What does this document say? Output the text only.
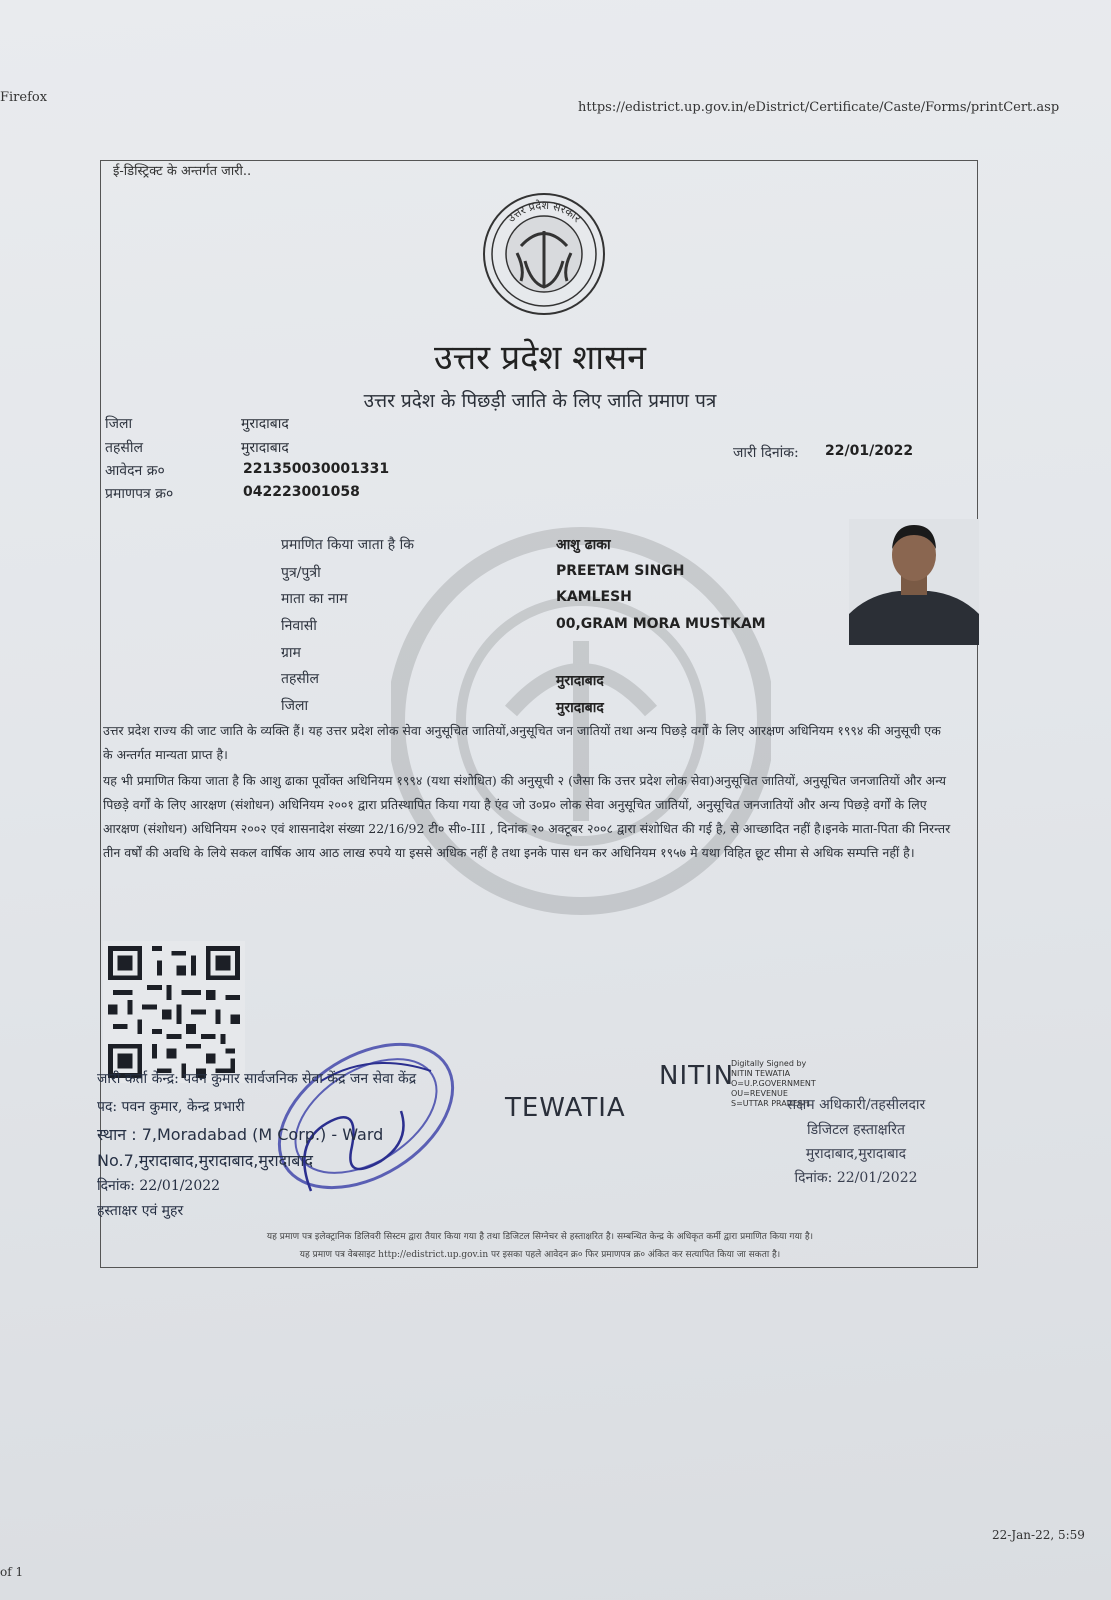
Firefox
https://edistrict.up.gov.in/eDistrict/Certificate/Caste/Forms/printCert.asp
ई-डिस्ट्रिक्ट के अन्तर्गत जारी..
उत्तर प्रदेश सरकार
उत्तर प्रदेश शासन
उत्तर प्रदेश के पिछड़ी जाति के लिए जाति प्रमाण पत्र
जिला	मुरादाबाद
तहसील	मुरादाबाद
आवेदन क्र०	221350030001331
प्रमाणपत्र क्र०	042223001058
जारी दिनांक: 22/01/2022
प्रमाणित किया जाता है कि	आशु ढाका
पुत्र/पुत्री	PREETAM SINGH
माता का नाम	KAMLESH
निवासी	00,GRAM MORA MUSTKAM
ग्राम
तहसील	मुरादाबाद
जिला	मुरादाबाद
उत्तर प्रदेश राज्य की जाट जाति के व्यक्ति हैं। यह उत्तर प्रदेश लोक सेवा अनुसूचित जातियों,अनुसूचित जन जातियों तथा अन्य पिछड़े वर्गों के लिए आरक्षण अधिनियम १९९४ की अनुसूची एक के अन्तर्गत मान्यता प्राप्त है।
यह भी प्रमाणित किया जाता है कि आशु ढाका पूर्वोक्त अधिनियम १९९४ (यथा संशोधित) की अनुसूची २ (जैसा कि उत्तर प्रदेश लोक सेवा)अनुसूचित जातियों, अनुसूचित जनजातियों और अन्य पिछड़े वर्गों के लिए आरक्षण (संशोधन) अधिनियम २००१ द्वारा प्रतिस्थापित किया गया है एंव जो उ०प्र० लोक सेवा अनुसूचित जातियों, अनुसूचित जनजातियों और अन्य पिछड़े वर्गों के लिए आरक्षण (संशोधन) अधिनियम २००२ एवं शासनादेश संख्या 22/16/92 टी० सी०-III , दिनांक २० अक्टूबर २००८ द्वारा संशोधित की गई है, से आच्छादित नहीं है।इनके माता-पिता की निरन्तर तीन वर्षों की अवधि के लिये सकल वार्षिक आय आठ लाख रुपये या इससे अधिक नहीं है तथा इनके पास धन कर अधिनियम १९५७ मे यथा विहित छूट सीमा से अधिक सम्पत्ति नहीं है।
जारी कर्ता केन्द्र: पवन कुमार सार्वजनिक सेवा केंद्र जन सेवा केंद्र
पद: पवन कुमार, केन्द्र प्रभारी
स्थान : 7,Moradabad (M Corp.) - Ward
No.7,मुरादाबाद,मुरादाबाद,मुरादाबाद
दिनांक: 22/01/2022
हस्ताक्षर एवं मुहर
NITIN
TEWATIA
Digitally Signed by
NITIN TEWATIA
O=U.P.GOVERNMENT
OU=REVENUE
S=UTTAR PRADESH
सक्षम अधिकारी/तहसीलदार
डिजिटल हस्ताक्षरित
मुरादाबाद,मुरादाबाद
दिनांक: 22/01/2022
यह प्रमाण पत्र इलेक्ट्रानिक डिलिवरी सिस्टम द्वारा तैयार किया गया है तथा डिजिटल सिग्नेचर से हस्ताक्षरित है। सम्बन्धित केन्द्र के अधिकृत कर्मी द्वारा प्रमाणित किया गया है।
यह प्रमाण पत्र वेबसाइट http://edistrict.up.gov.in पर इसका पहले आवेदन क्र० फिर प्रमाणपत्र क्र० अंकित कर सत्यापित किया जा सकता है।
22-Jan-22, 5:59
of 1
